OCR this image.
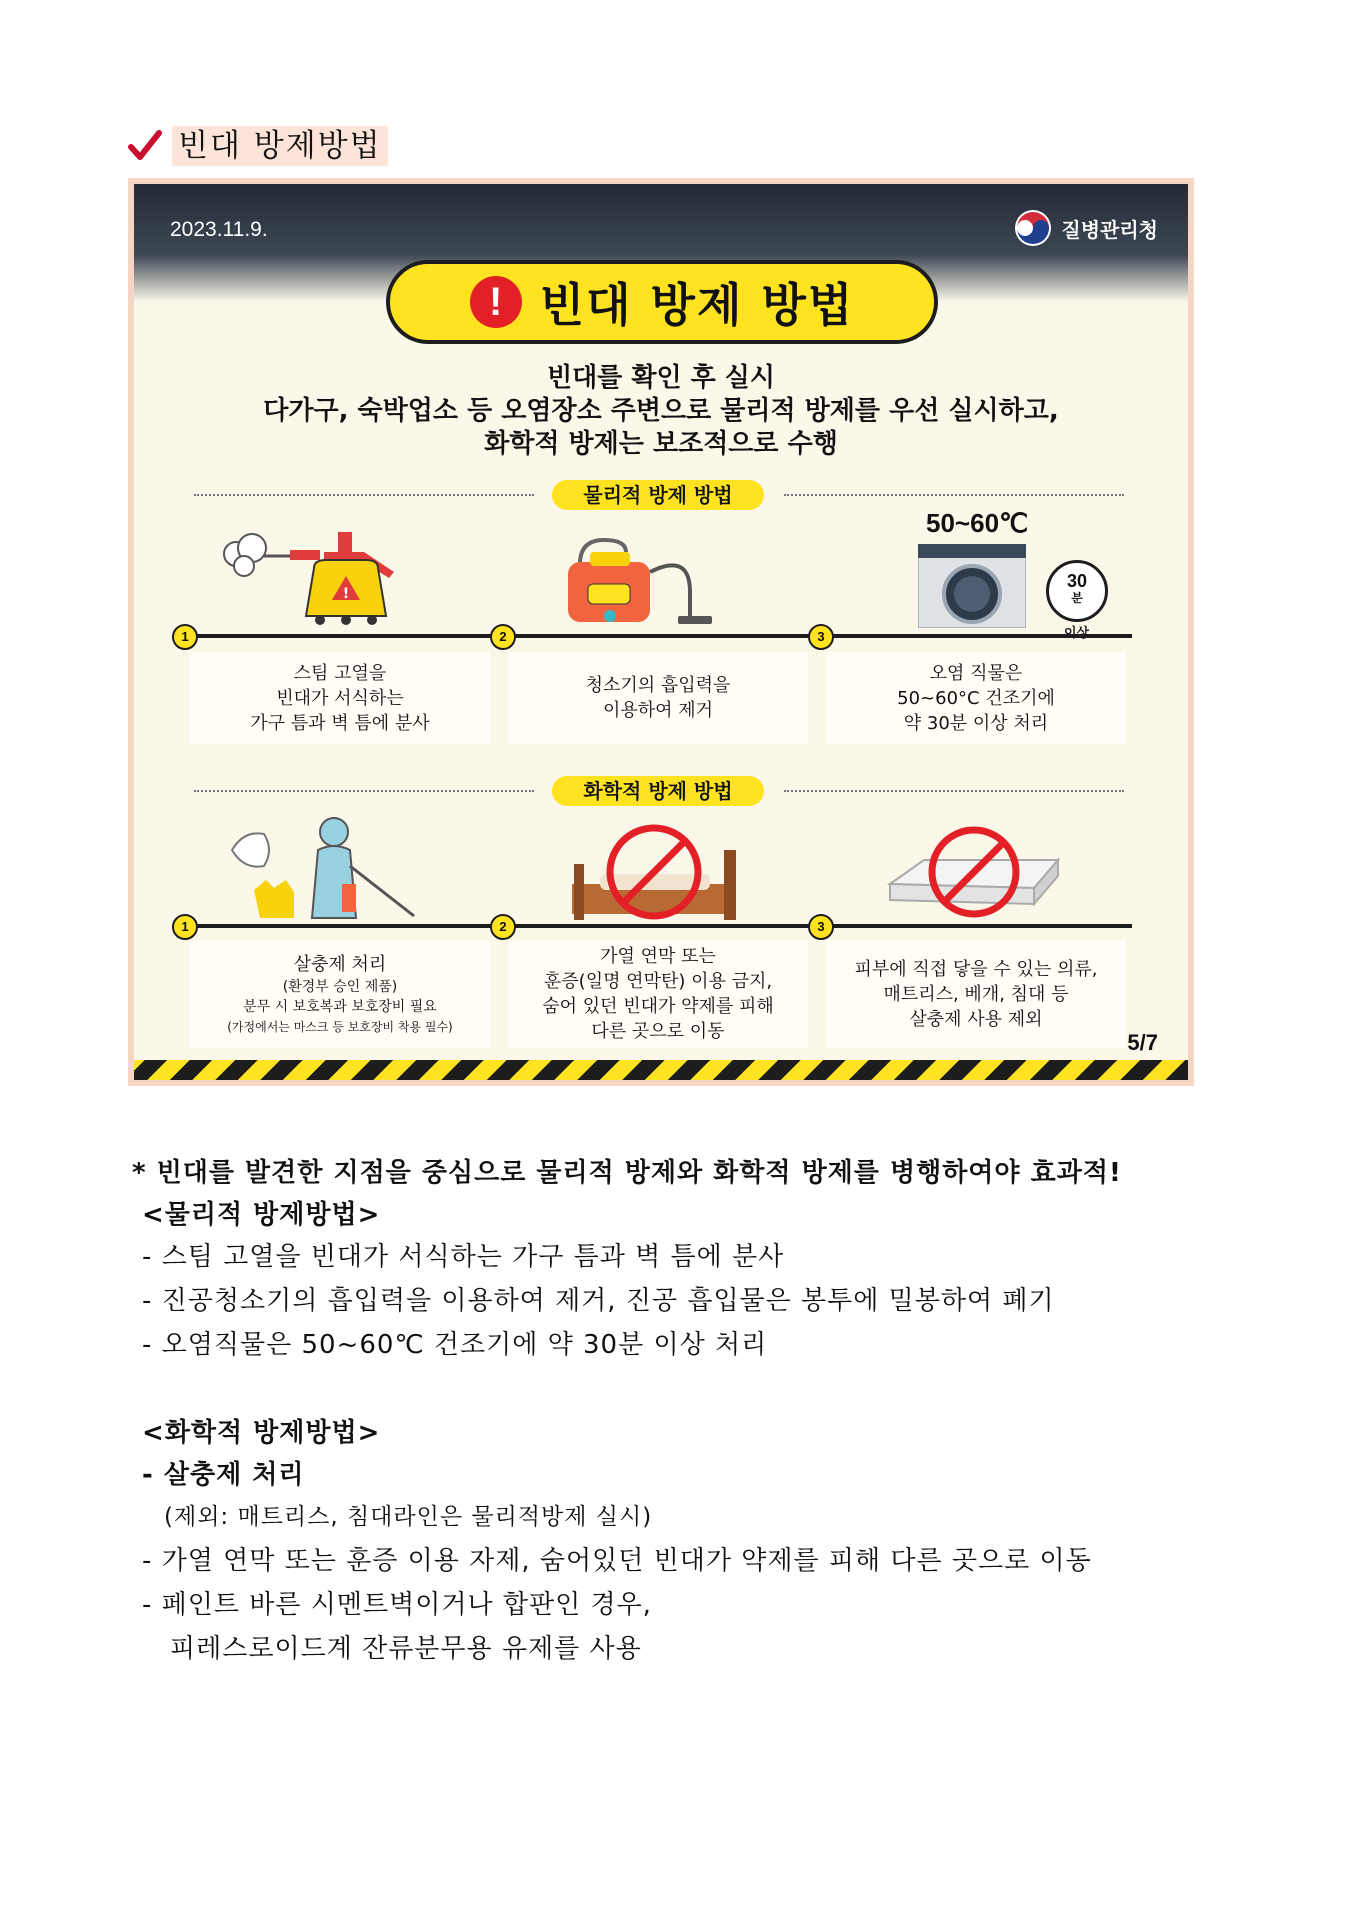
빈대 방제방법
2023.11.9.	질병관리청
! 빈대 방제 방법
빈대를 확인 후 실시
다가구, 숙박업소 등 오염장소 주변으로 물리적 방제를 우선 실시하고,
화학적 방제는 보조적으로 수행
물리적 방제 방법
!
50~60℃
30
분
1	2	3
스팀 고열을
빈대가 서식하는
가구 틈과 벽 틈에 분사
청소기의 흡입력을
이용하여 제거
오염 직물은
50~60°C 건조기에
약 30분 이상 처리
화학적 방제 방법
1	2	3
살충제 처리
(환경부 승인 제품)
분무 시 보호복과 보호장비 필요
(가정에서는 마스크 등 보호장비 착용 필수)
가열 연막 또는
훈증(일명 연막탄) 이용 금지,
숨어 있던 빈대가 약제를 피해
다른 곳으로 이동
피부에 직접 닿을 수 있는 의류,
매트리스, 베개, 침대 등
살충제 사용 제외
5/7
* 빈대를 발견한 지점을 중심으로 물리적 방제와 화학적 방제를 병행하여야 효과적!
<물리적 방제방법>
- 스팀 고열을 빈대가 서식하는 가구 틈과 벽 틈에 분사
- 진공청소기의 흡입력을 이용하여 제거, 진공 흡입물은 봉투에 밀봉하여 폐기
- 오염직물은 50~60℃ 건조기에 약 30분 이상 처리
<화학적 방제방법>
- 살충제 처리
(제외: 매트리스, 침대라인은 물리적방제 실시)
- 가열 연막 또는 훈증 이용 자제, 숨어있던 빈대가 약제를 피해 다른 곳으로 이동
- 페인트 바른 시멘트벽이거나 합판인 경우,
피레스로이드계 잔류분무용 유제를 사용
